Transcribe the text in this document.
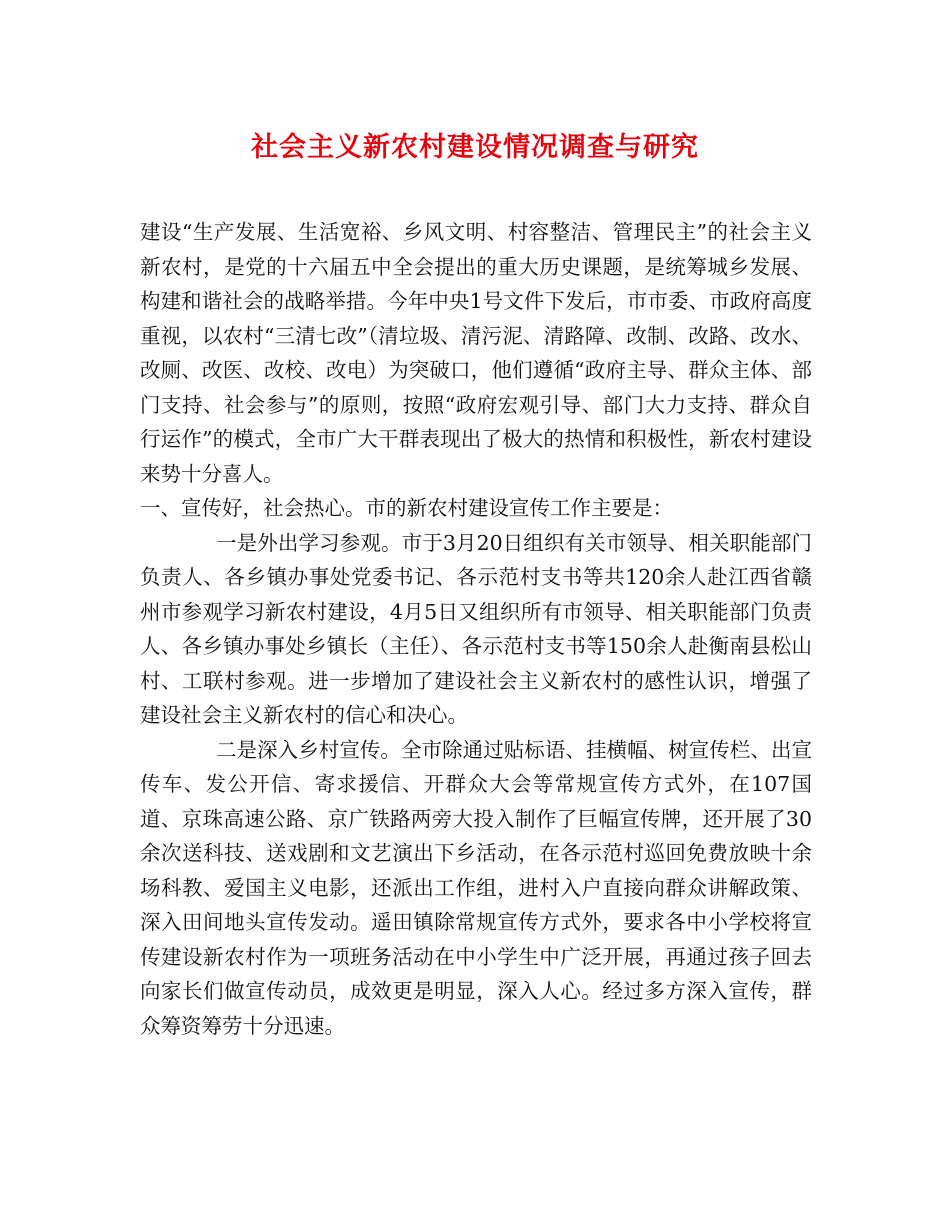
社会主义新农村建设情况调查与研究

建设“生产发展、生活宽裕、乡风文明、村容整洁、管理民主”的社会主义新农村，是党的十六届五中全会提出的重大历史课题，是统筹城乡发展、构建和谐社会的战略举措。今年中央1号文件下发后，市市委、市政府高度重视，以农村“三清七改”（清垃圾、清污泥、清路障、改制、改路、改水、改厕、改医、改校、改电）为突破口，他们遵循“政府主导、群众主体、部门支持、社会参与”的原则，按照“政府宏观引导、部门大力支持、群众自行运作”的模式，全市广大干群表现出了极大的热情和积极性，新农村建设来势十分喜人。

一、宣传好，社会热心。市的新农村建设宣传工作主要是：

一是外出学习参观。市于3月20日组织有关市领导、相关职能部门负责人、各乡镇办事处党委书记、各示范村支书等共120余人赴江西省赣州市参观学习新农村建设，4月5日又组织所有市领导、相关职能部门负责人、各乡镇办事处乡镇长（主任）、各示范村支书等150余人赴衡南县松山村、工联村参观。进一步增加了建设社会主义新农村的感性认识，增强了建设社会主义新农村的信心和决心。

二是深入乡村宣传。全市除通过贴标语、挂横幅、树宣传栏、出宣传车、发公开信、寄求援信、开群众大会等常规宣传方式外，在107国道、京珠高速公路、京广铁路两旁大投入制作了巨幅宣传牌，还开展了30余次送科技、送戏剧和文艺演出下乡活动，在各示范村巡回免费放映十余场科教、爱国主义电影，还派出工作组，进村入户直接向群众讲解政策、深入田间地头宣传发动。遥田镇除常规宣传方式外，要求各中小学校将宣传建设新农村作为一项班务活动在中小学生中广泛开展，再通过孩子回去向家长们做宣传动员，成效更是明显，深入人心。经过多方深入宣传，群众筹资筹劳十分迅速。
